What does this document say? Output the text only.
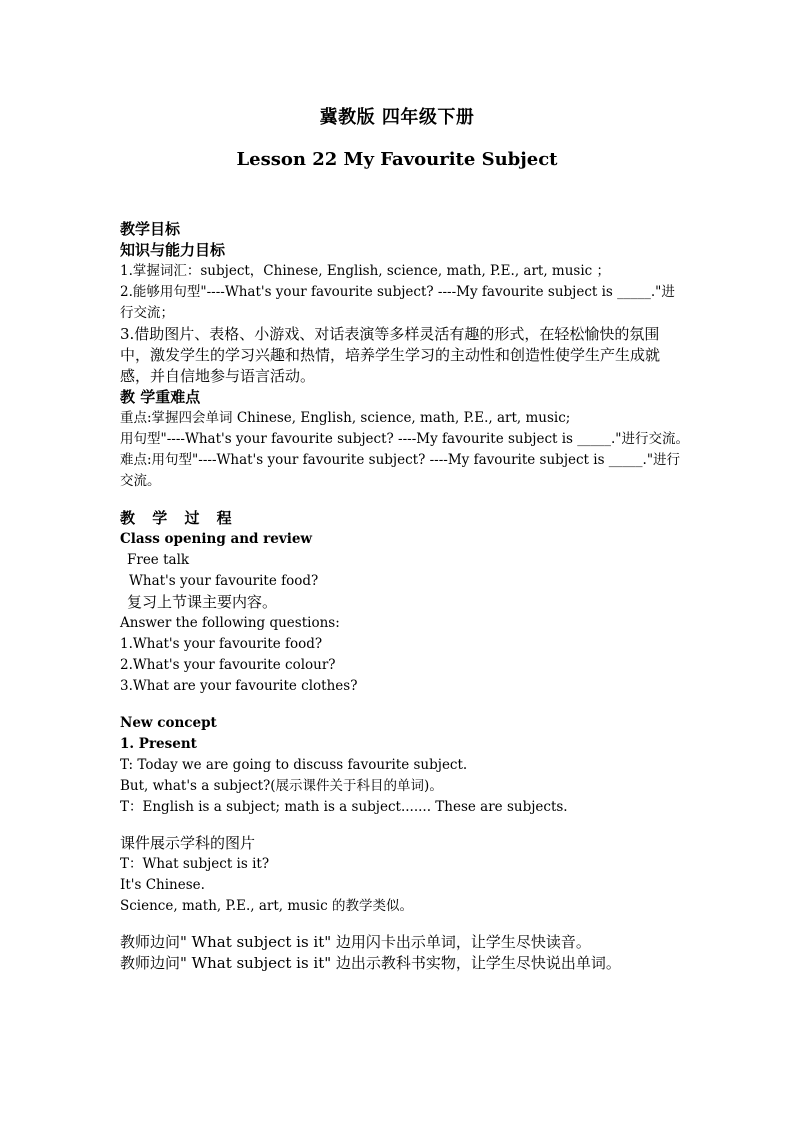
冀教版 四年级下册
Lesson 22 My Favourite Subject
教学目标
知识与能力目标
1.掌握词汇：subject，Chinese, English, science, math, P.E., art, music ；
2.能够用句型"----What's your favourite subject? ----My favourite subject is _____."进行交流；
3.借助图片、表格、小游戏、对话表演等多样灵活有趣的形式，在轻松愉快的氛围中，激发学生的学习兴趣和热情，培养学生学习的主动性和创造性使学生产生成就感，并自信地参与语言活动。
教 学重难点
重点:掌握四会单词 Chinese, English, science, math, P.E., art, music;
用句型"----What's your favourite subject? ----My favourite subject is _____."进行交流。
难点:用句型"----What's your favourite subject? ----My favourite subject is _____."进行交流。
教 学 过 程
Class opening and review
Free talk
What's your favourite food?
复习上节课主要内容。
Answer the following questions:
1.What's your favourite food?
2.What's your favourite colour?
3.What are your favourite clothes?
New concept
1. Present
T: Today we are going to discuss favourite subject.
But, what's a subject?(展示课件关于科目的单词)。
T：English is a subject; math is a subject....... These are subjects.
课件展示学科的图片
T：What subject is it?
It's Chinese.
Science, math, P.E., art, music 的教学类似。
教师边问" What subject is it" 边用闪卡出示单词，让学生尽快读音。
教师边问" What subject is it" 边出示教科书实物，让学生尽快说出单词。
